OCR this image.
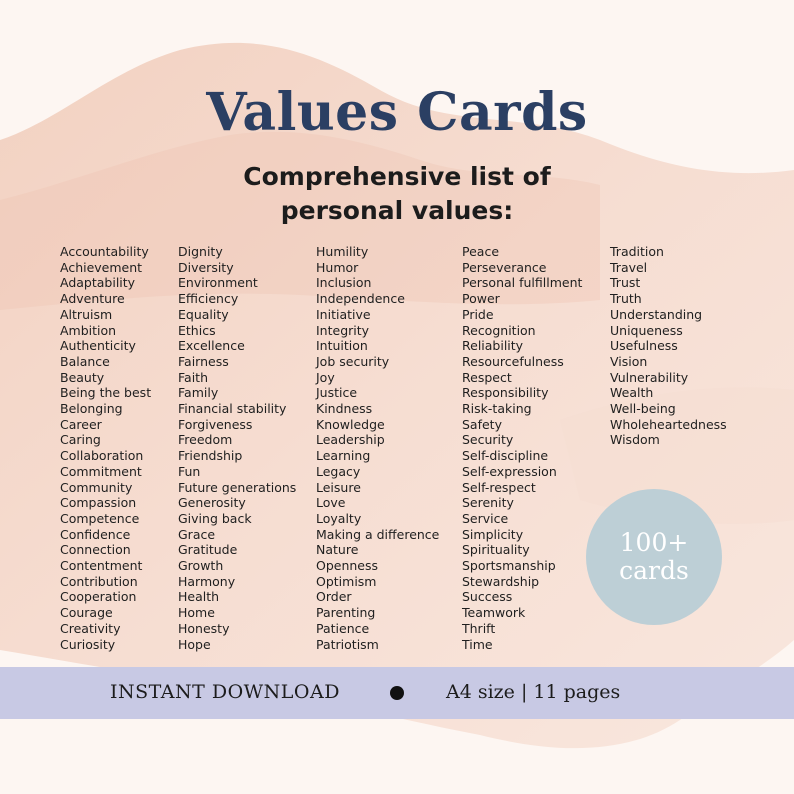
Values Cards
Comprehensive list of
personal values:
Accountability
Achievement
Adaptability
Adventure
Altruism
Ambition
Authenticity
Balance
Beauty
Being the best
Belonging
Career
Caring
Collaboration
Commitment
Community
Compassion
Competence
Confidence
Connection
Contentment
Contribution
Cooperation
Courage
Creativity
Curiosity
Dignity
Diversity
Environment
Efficiency
Equality
Ethics
Excellence
Fairness
Faith
Family
Financial stability
Forgiveness
Freedom
Friendship
Fun
Future generations
Generosity
Giving back
Grace
Gratitude
Growth
Harmony
Health
Home
Honesty
Hope
Humility
Humor
Inclusion
Independence
Initiative
Integrity
Intuition
Job security
Joy
Justice
Kindness
Knowledge
Leadership
Learning
Legacy
Leisure
Love
Loyalty
Making a difference
Nature
Openness
Optimism
Order
Parenting
Patience
Patriotism
Peace
Perseverance
Personal fulfillment
Power
Pride
Recognition
Reliability
Resourcefulness
Respect
Responsibility
Risk-taking
Safety
Security
Self-discipline
Self-expression
Self-respect
Serenity
Service
Simplicity
Spirituality
Sportsmanship
Stewardship
Success
Teamwork
Thrift
Time
Tradition
Travel
Trust
Truth
Understanding
Uniqueness
Usefulness
Vision
Vulnerability
Wealth
Well-being
Wholeheartedness
Wisdom
100+
cards
INSTANT DOWNLOAD	A4 size | 11 pages
